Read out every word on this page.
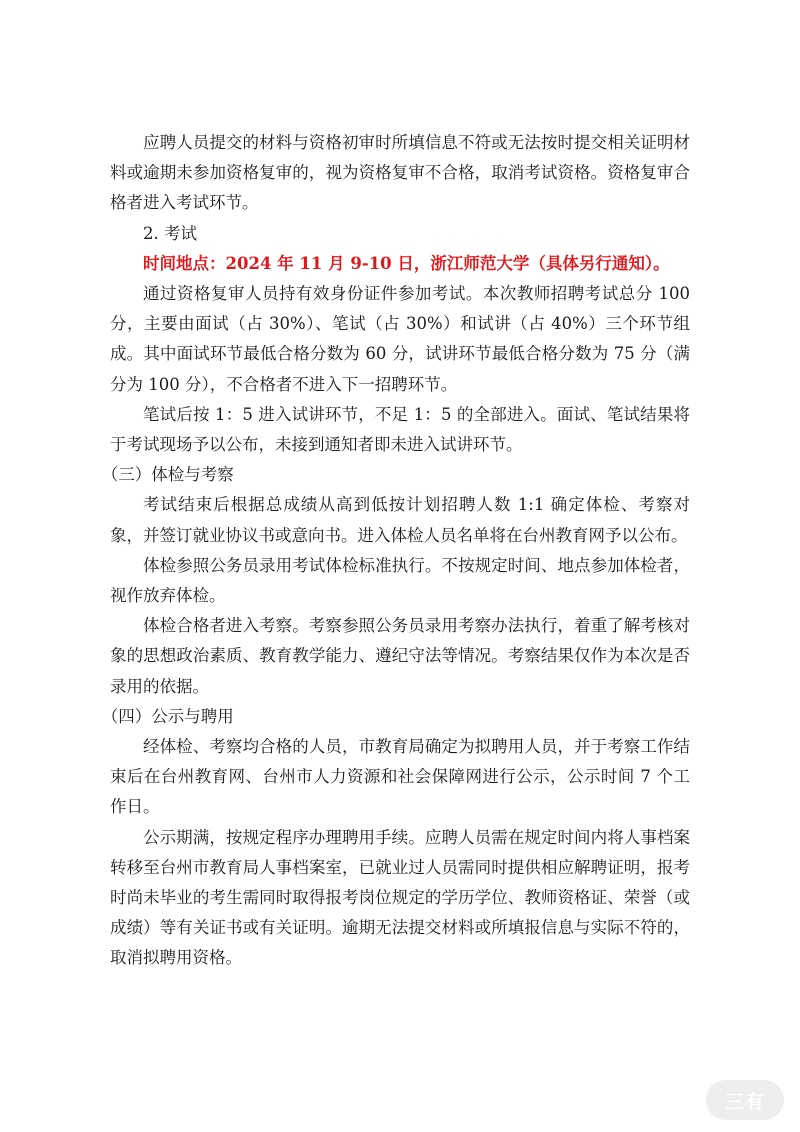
应聘人员提交的材料与资格初审时所填信息不符或无法按时提交相关证明材料或逾期未参加资格复审的，视为资格复审不合格，取消考试资格。资格复审合格者进入考试环节。

2. 考试

时间地点：2024 年 11 月 9-10 日，浙江师范大学（具体另行通知）。

通过资格复审人员持有效身份证件参加考试。本次教师招聘考试总分 100 分，主要由面试（占 30%）、笔试（占 30%）和试讲（占 40%）三个环节组成。其中面试环节最低合格分数为 60 分，试讲环节最低合格分数为 75 分（满分为 100 分），不合格者不进入下一招聘环节。

笔试后按 1：5 进入试讲环节，不足 1：5 的全部进入。面试、笔试结果将于考试现场予以公布，未接到通知者即未进入试讲环节。

（三）体检与考察

考试结束后根据总成绩从高到低按计划招聘人数 1:1 确定体检、考察对象，并签订就业协议书或意向书。进入体检人员名单将在台州教育网予以公布。

体检参照公务员录用考试体检标准执行。不按规定时间、地点参加体检者，视作放弃体检。

体检合格者进入考察。考察参照公务员录用考察办法执行，着重了解考核对象的思想政治素质、教育教学能力、遵纪守法等情况。考察结果仅作为本次是否录用的依据。

（四）公示与聘用

经体检、考察均合格的人员，市教育局确定为拟聘用人员，并于考察工作结束后在台州教育网、台州市人力资源和社会保障网进行公示，公示时间 7 个工作日。

公示期满，按规定程序办理聘用手续。应聘人员需在规定时间内将人事档案转移至台州市教育局人事档案室，已就业过人员需同时提供相应解聘证明，报考时尚未毕业的考生需同时取得报考岗位规定的学历学位、教师资格证、荣誉（或成绩）等有关证书或有关证明。逾期无法提交材料或所填报信息与实际不符的，取消拟聘用资格。

三有
